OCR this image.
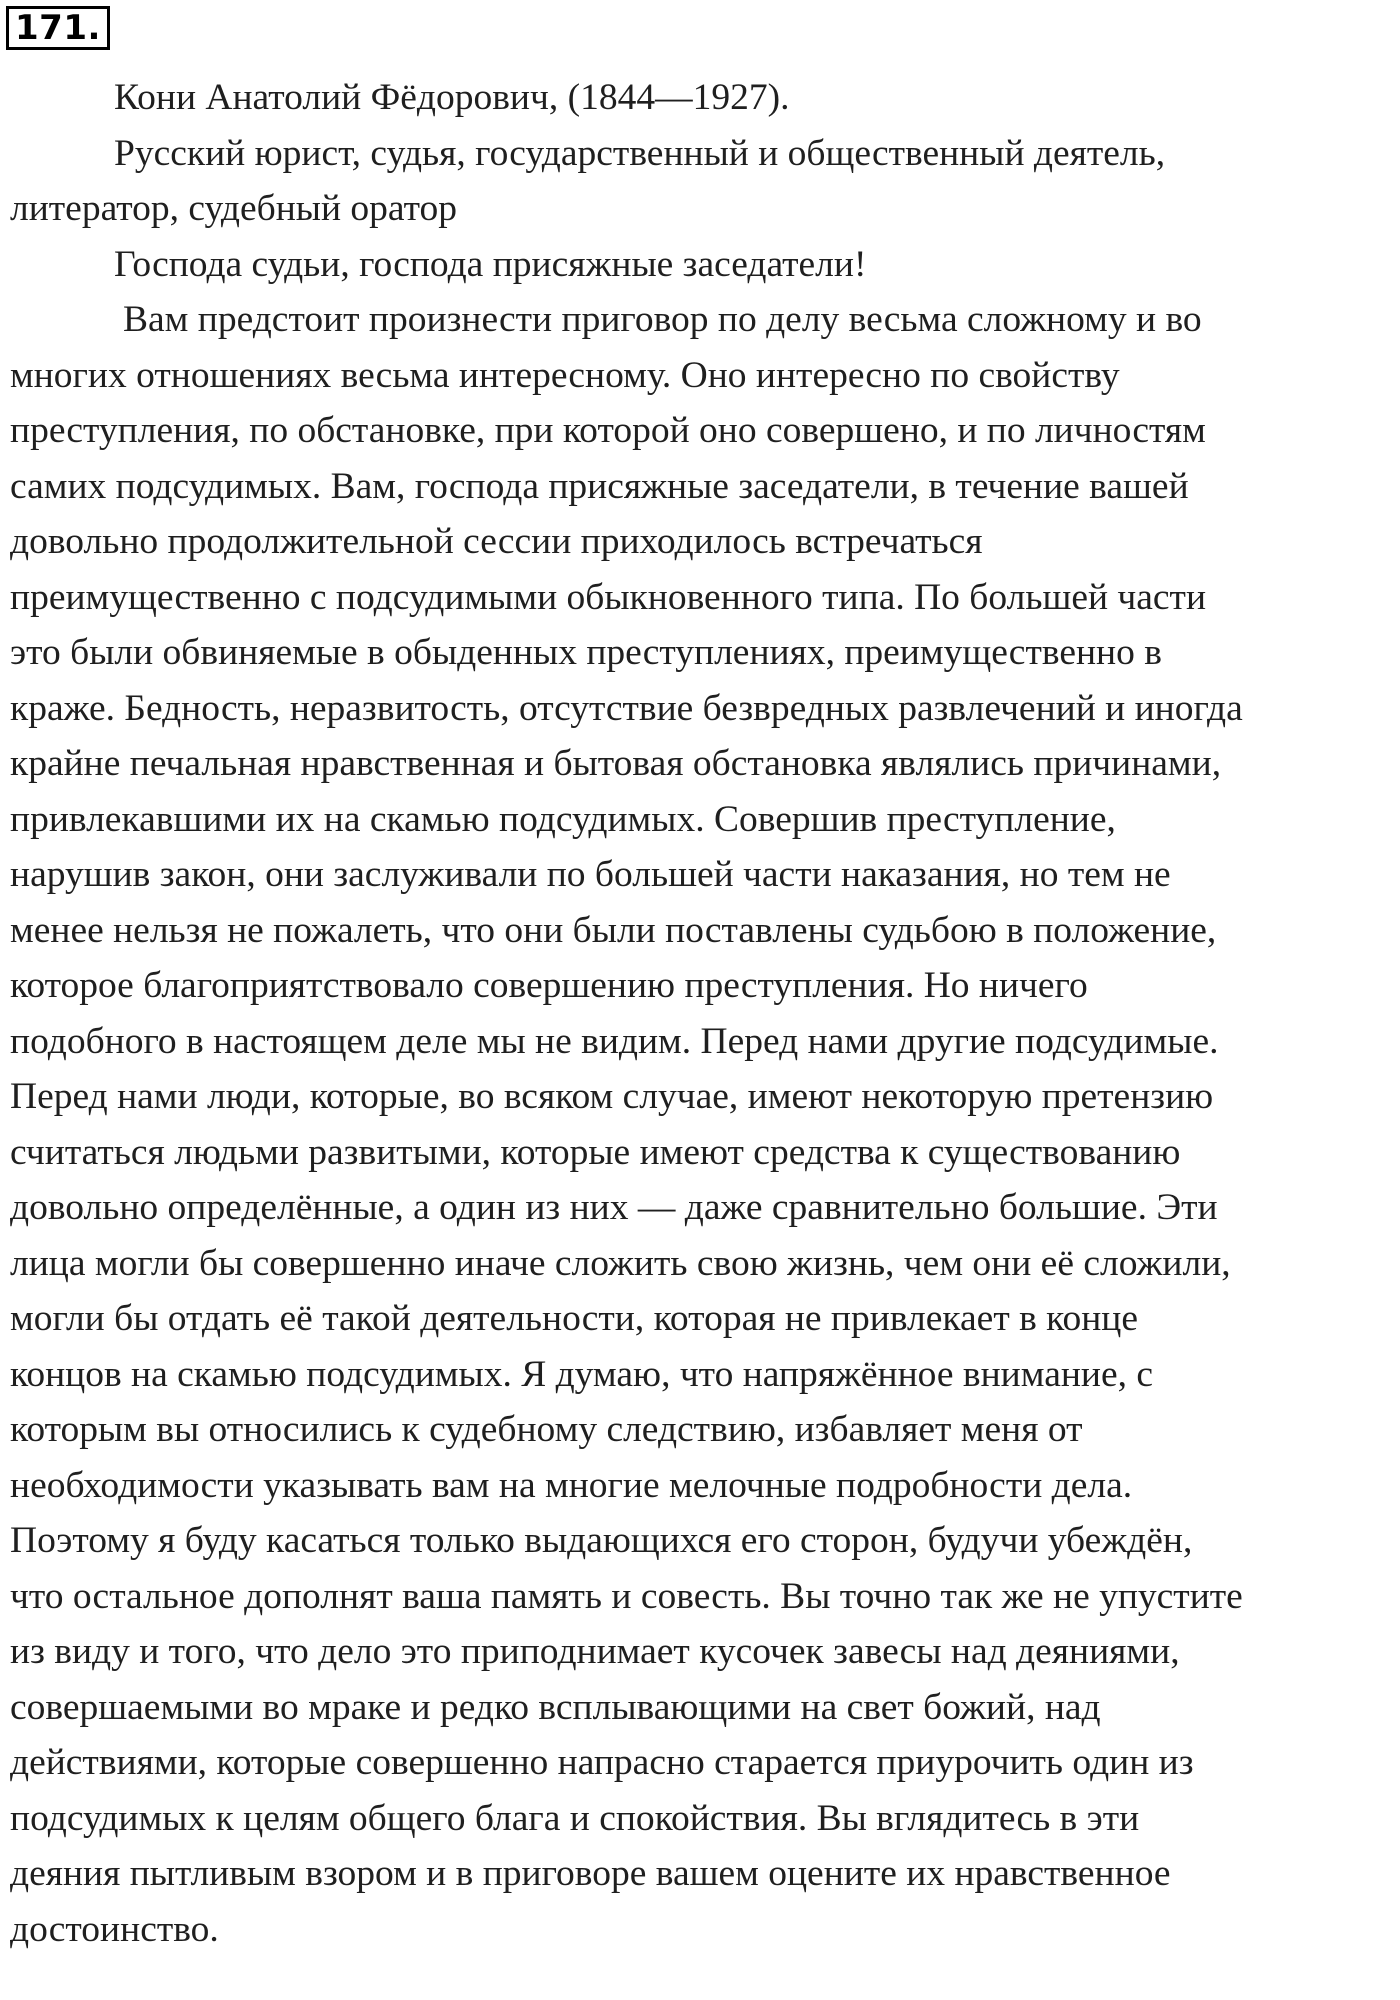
171.
Кони Анатолий Фёдорович, (1844—1927).
Русский юрист, судья, государственный и общественный деятель,
литератор, судебный оратор
Господа судьи, господа присяжные заседатели!
Вам предстоит произнести приговор по делу весьма сложному и во
многих отношениях весьма интересному. Оно интересно по свойству
преступления, по обстановке, при которой оно совершено, и по личностям
самих подсудимых. Вам, господа присяжные заседатели, в течение вашей
довольно продолжительной сессии приходилось встречаться
преимущественно с подсудимыми обыкновенного типа. По большей части
это были обвиняемые в обыденных преступлениях, преимущественно в
краже. Бедность, неразвитость, отсутствие безвредных развлечений и иногда
крайне печальная нравственная и бытовая обстановка являлись причинами,
привлекавшими их на скамью подсудимых. Совершив преступление,
нарушив закон, они заслуживали по большей части наказания, но тем не
менее нельзя не пожалеть, что они были поставлены судьбою в положение,
которое благоприятствовало совершению преступления. Но ничего
подобного в настоящем деле мы не видим. Перед нами другие подсудимые.
Перед нами люди, которые, во всяком случае, имеют некоторую претензию
считаться людьми развитыми, которые имеют средства к существованию
довольно определённые, а один из них — даже сравнительно большие. Эти
лица могли бы совершенно иначе сложить свою жизнь, чем они её сложили,
могли бы отдать её такой деятельности, которая не привлекает в конце
концов на скамью подсудимых. Я думаю, что напряжённое внимание, с
которым вы относились к судебному следствию, избавляет меня от
необходимости указывать вам на многие мелочные подробности дела.
Поэтому я буду касаться только выдающихся его сторон, будучи убеждён,
что остальное дополнят ваша память и совесть. Вы точно так же не упустите
из виду и того, что дело это приподнимает кусочек завесы над деяниями,
совершаемыми во мраке и редко всплывающими на свет божий, над
действиями, которые совершенно напрасно старается приурочить один из
подсудимых к целям общего блага и спокойствия. Вы вглядитесь в эти
деяния пытливым взором и в приговоре вашем оцените их нравственное
достоинство.
